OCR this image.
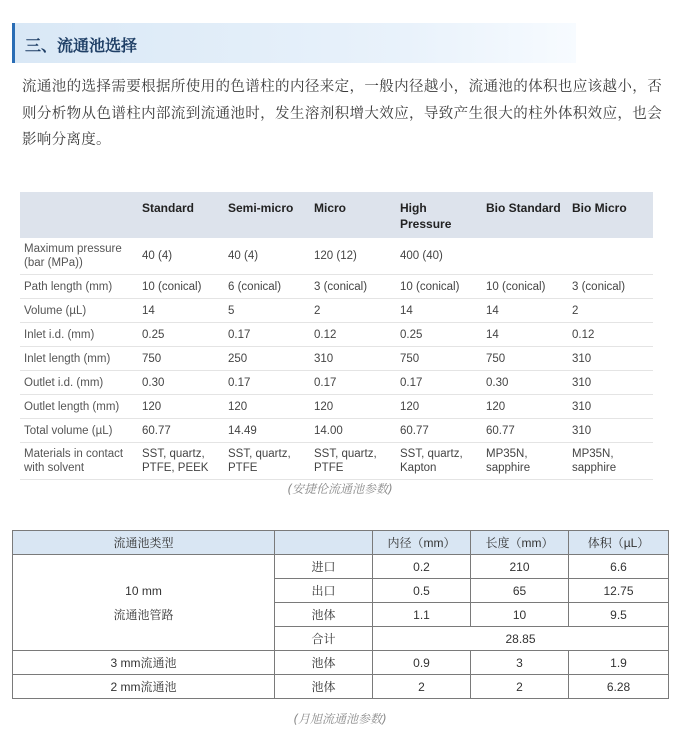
三、流通池选择
流通池的选择需要根据所使用的色谱柱的内径来定，一般内径越小，流通池的体积也应该越小，否则分析物从色谱柱内部流到流通池时，发生溶剂积增大效应，导致产生很大的柱外体积效应，也会影响分离度。
	Standard	Semi-micro	Micro	High Pressure	Bio Standard	Bio Micro
Maximum pressure (bar (MPa))	40 (4)	40 (4)	120 (12)	400 (40)		
Path length (mm)	10 (conical)	6 (conical)	3 (conical)	10 (conical)	10 (conical)	3 (conical)
Volume (µL)	14	5	2	14	14	2
Inlet i.d. (mm)	0.25	0.17	0.12	0.25	14	0.12
Inlet length (mm)	750	250	310	750	750	310
Outlet i.d. (mm)	0.30	0.17	0.17	0.17	0.30	310
Outlet length (mm)	120	120	120	120	120	310
Total volume (µL)	60.77	14.49	14.00	60.77	60.77	310
Materials in contact with solvent	SST, quartz, PTFE, PEEK	SST, quartz, PTFE	SST, quartz, PTFE	SST, quartz, Kapton	MP35N, sapphire	MP35N, sapphire
(安捷伦流通池参数)
流通池类型		内径（mm）	长度（mm）	体积（µL）

10 mm
流通池管路	进口	0.2	210	6.6
	出口	0.5	65	12.75
	池体	1.1	10	9.5
	合计	28.85		
3 mm流通池	池体	0.9	3	1.9
2 mm流通池	池体	2	2	6.28
(月旭流通池参数)
